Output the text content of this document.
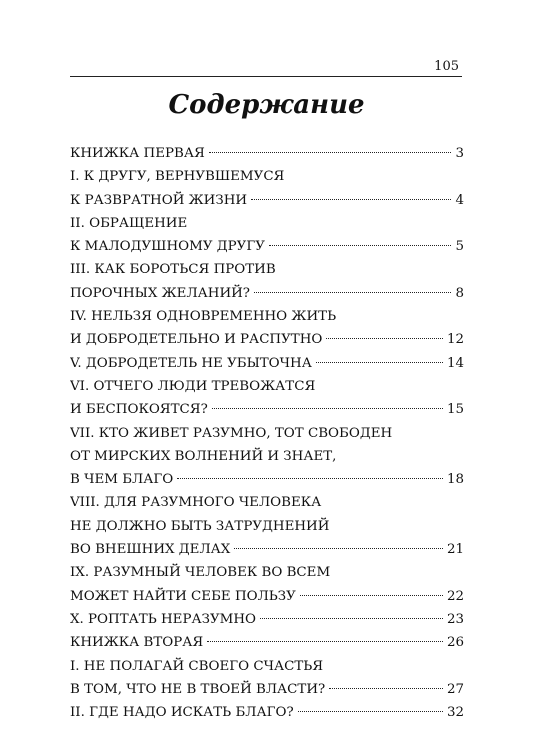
105
Содержание
КНИЖКА ПЕРВАЯ	3
I. К ДРУГУ, ВЕРНУВШЕМУСЯ
К РАЗВРАТНОЙ ЖИЗНИ	4
II. ОБРАЩЕНИЕ
К МАЛОДУШНОМУ ДРУГУ	5
III. КАК БОРОТЬСЯ ПРОТИВ
ПОРОЧНЫХ ЖЕЛАНИЙ?	8
IV. НЕЛЬЗЯ ОДНОВРЕМЕННО ЖИТЬ
И ДОБРОДЕТЕЛЬНО И РАСПУТНО	12
V. ДОБРОДЕТЕЛЬ НЕ УБЫТОЧНА	14
VI. ОТЧЕГО ЛЮДИ ТРЕВОЖАТСЯ
И БЕСПОКОЯТСЯ?	15
VII. КТО ЖИВЕТ РАЗУМНО, ТОТ СВОБОДЕН
ОТ МИРСКИХ ВОЛНЕНИЙ И ЗНАЕТ,
В ЧЕМ БЛАГО	18
VIII. ДЛЯ РАЗУМНОГО ЧЕЛОВЕКА
НЕ ДОЛЖНО БЫТЬ ЗАТРУДНЕНИЙ
ВО ВНЕШНИХ ДЕЛАХ	21
IX. РАЗУМНЫЙ ЧЕЛОВЕК ВО ВСЕМ
МОЖЕТ НАЙТИ СЕБЕ ПОЛЬЗУ	22
X. РОПТАТЬ НЕРАЗУМНО	23
КНИЖКА ВТОРАЯ	26
I. НЕ ПОЛАГАЙ СВОЕГО СЧАСТЬЯ
В ТОМ, ЧТО НЕ В ТВОЕЙ ВЛАСТИ?	27
II. ГДЕ НАДО ИСКАТЬ БЛАГО?	32
